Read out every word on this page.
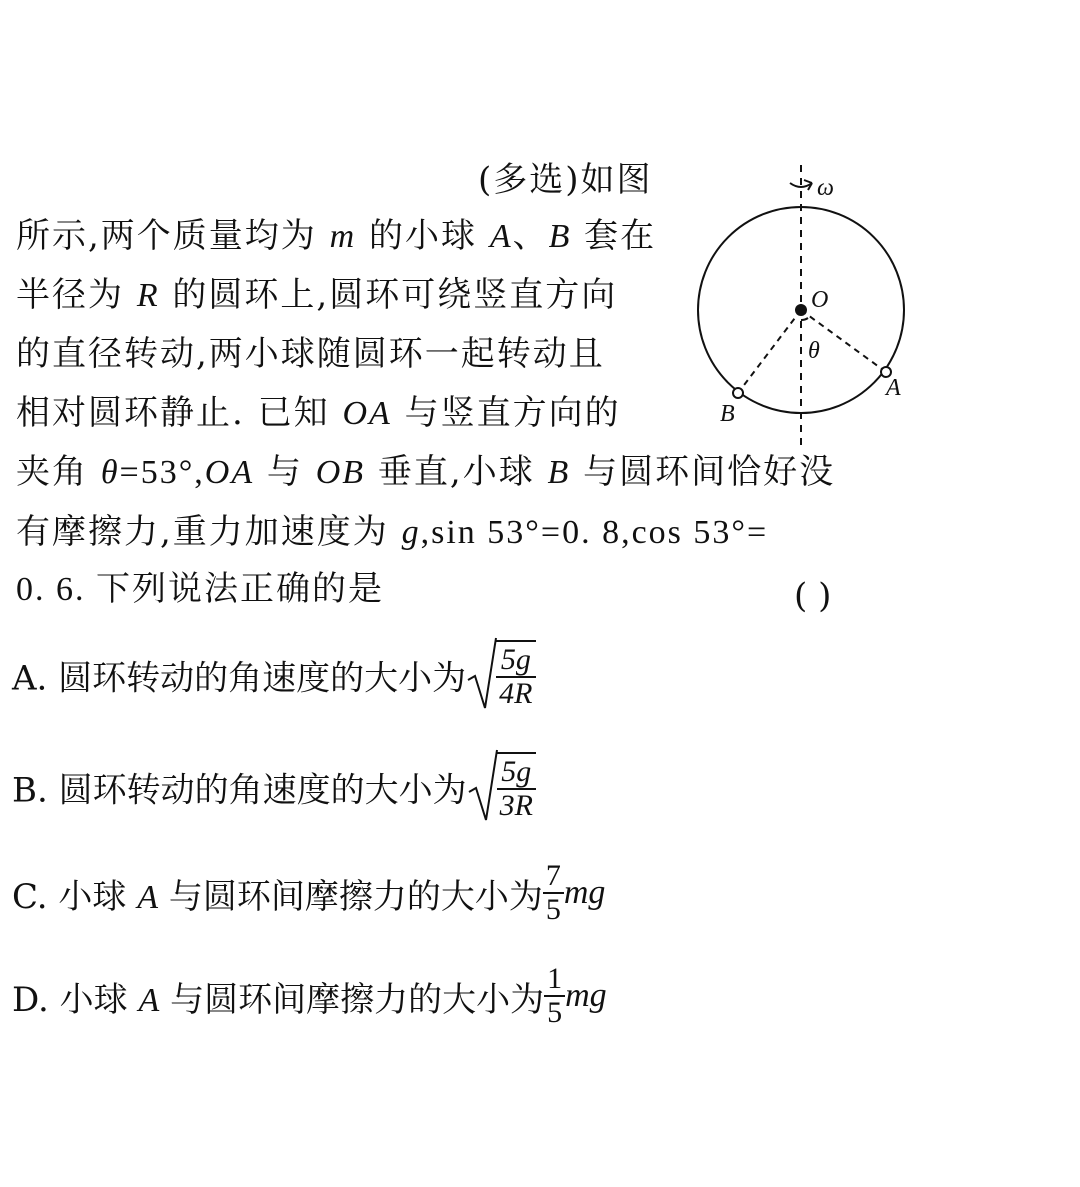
(多选)如图
所示,两个质量均为 m 的小球 A、B 套在
半径为 R 的圆环上,圆环可绕竖直方向
的直径转动,两小球随圆环一起转动且
相对圆环静止. 已知 OA 与竖直方向的
夹角 θ=53°,OA 与 OB 垂直,小球 B 与圆环间恰好没
有摩擦力,重力加速度为 g,sin 53°=0. 8,cos 53°=
0. 6. 下列说法正确的是	( )
ω
O
θ
A
B
A. 圆环转动的角速度的大小为 $\frac{5g}{4R}$
B. 圆环转动的角速度的大小为 $\frac{5g}{3R}$
C. 小球 A 与圆环间摩擦力的大小为 $\frac{7}{5}$ mg
D. 小球 A 与圆环间摩擦力的大小为 $\frac{1}{5}$ mg
